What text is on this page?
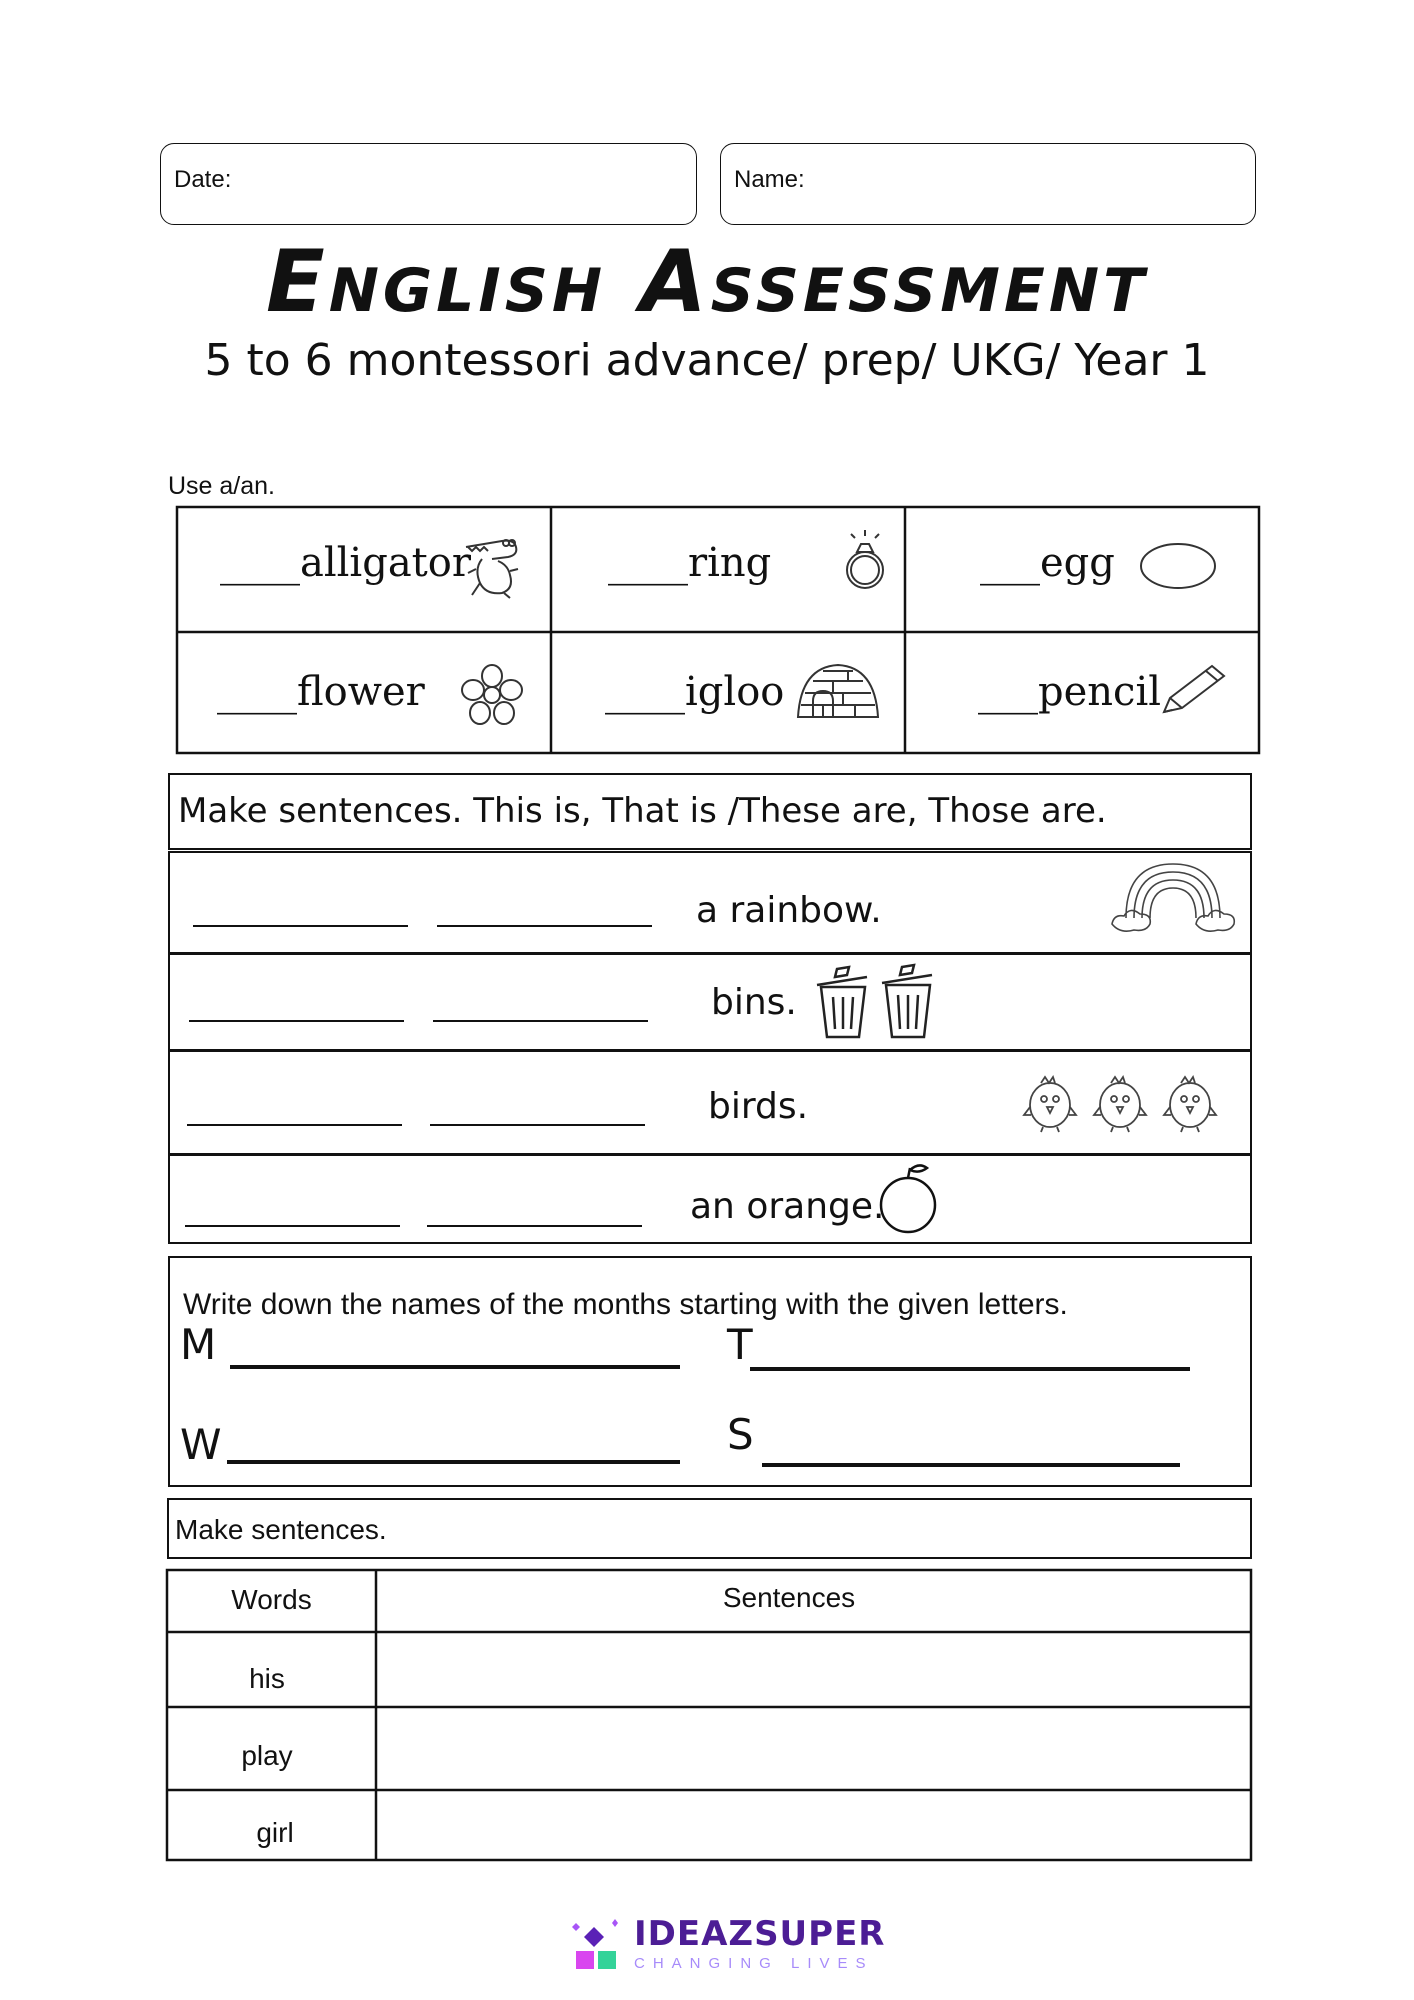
Date:	Name:
English Assessment
5 to 6 montessori advance/ prep/ UKG/ Year 1
Use a/an.
____alligator	____ring	___egg
____flower	____igloo	___pencil
Make sentences. This is, That is /These are, Those are.
a rainbow.
bins.
birds.
an orange.
Write down the names of the months starting with the given letters.
M	T
W	S
Make sentences.
Words	Sentences
his
play
girl
IDEAZSUPER
CHANGING LIVES
